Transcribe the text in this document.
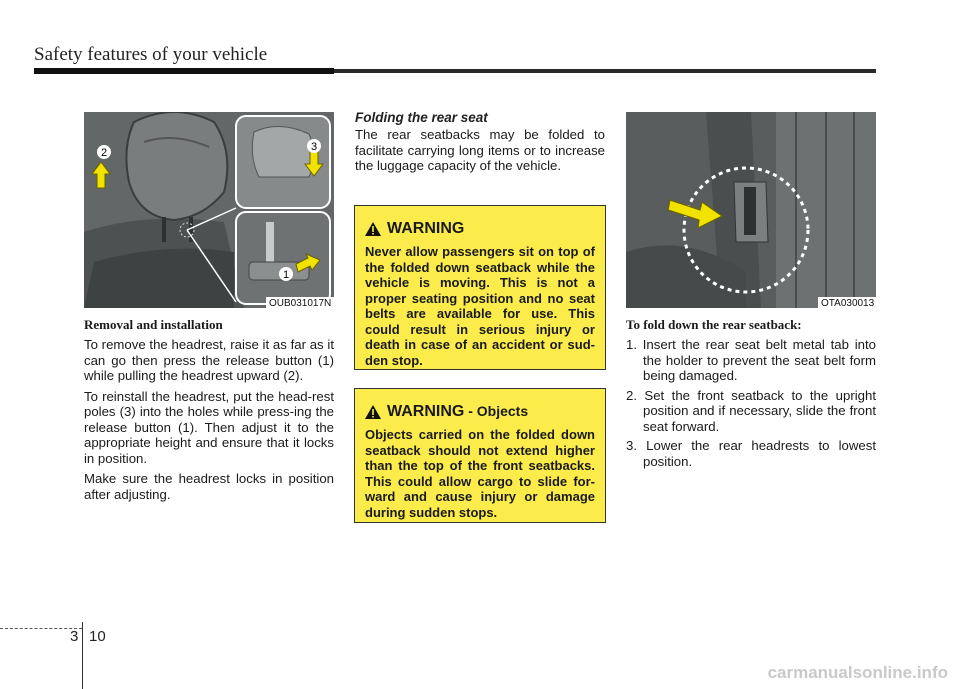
Safety features of your vehicle
2	3
1
OUB031017N
Removal and installation

To remove the headrest, raise it as far as it can go then press the release button (1) while pulling the headrest upward (2).

To reinstall the headrest, put the head-rest poles (3) into the holes while press-ing the release button (1). Then adjust it to the appropriate height and ensure that it locks in position.

Make sure the headrest locks in position after adjusting.

Folding the rear seat

The rear seatbacks may be folded to facilitate carrying long items or to increase the luggage capacity of the vehicle.

WARNING

Never allow passengers sit on top of the folded down seatback while the vehicle is moving. This is not a proper seating position and no seat belts are available for use. This could result in serious injury or death in case of an accident or sud-den stop.

WARNING - Objects

Objects carried on the folded down seatback should not extend higher than the top of the front seatbacks. This could allow cargo to slide for-ward and cause injury or damage during sudden stops.

OTA030013
To fold down the rear seatback:
1. Insert the rear seat belt metal tab into the holder to prevent the seat belt form being damaged.
2. Set the front seatback to the upright position and if necessary, slide the front seat forward.
3. Lower the rear headrests to lowest position.
3 10
carmanualsonline.info
